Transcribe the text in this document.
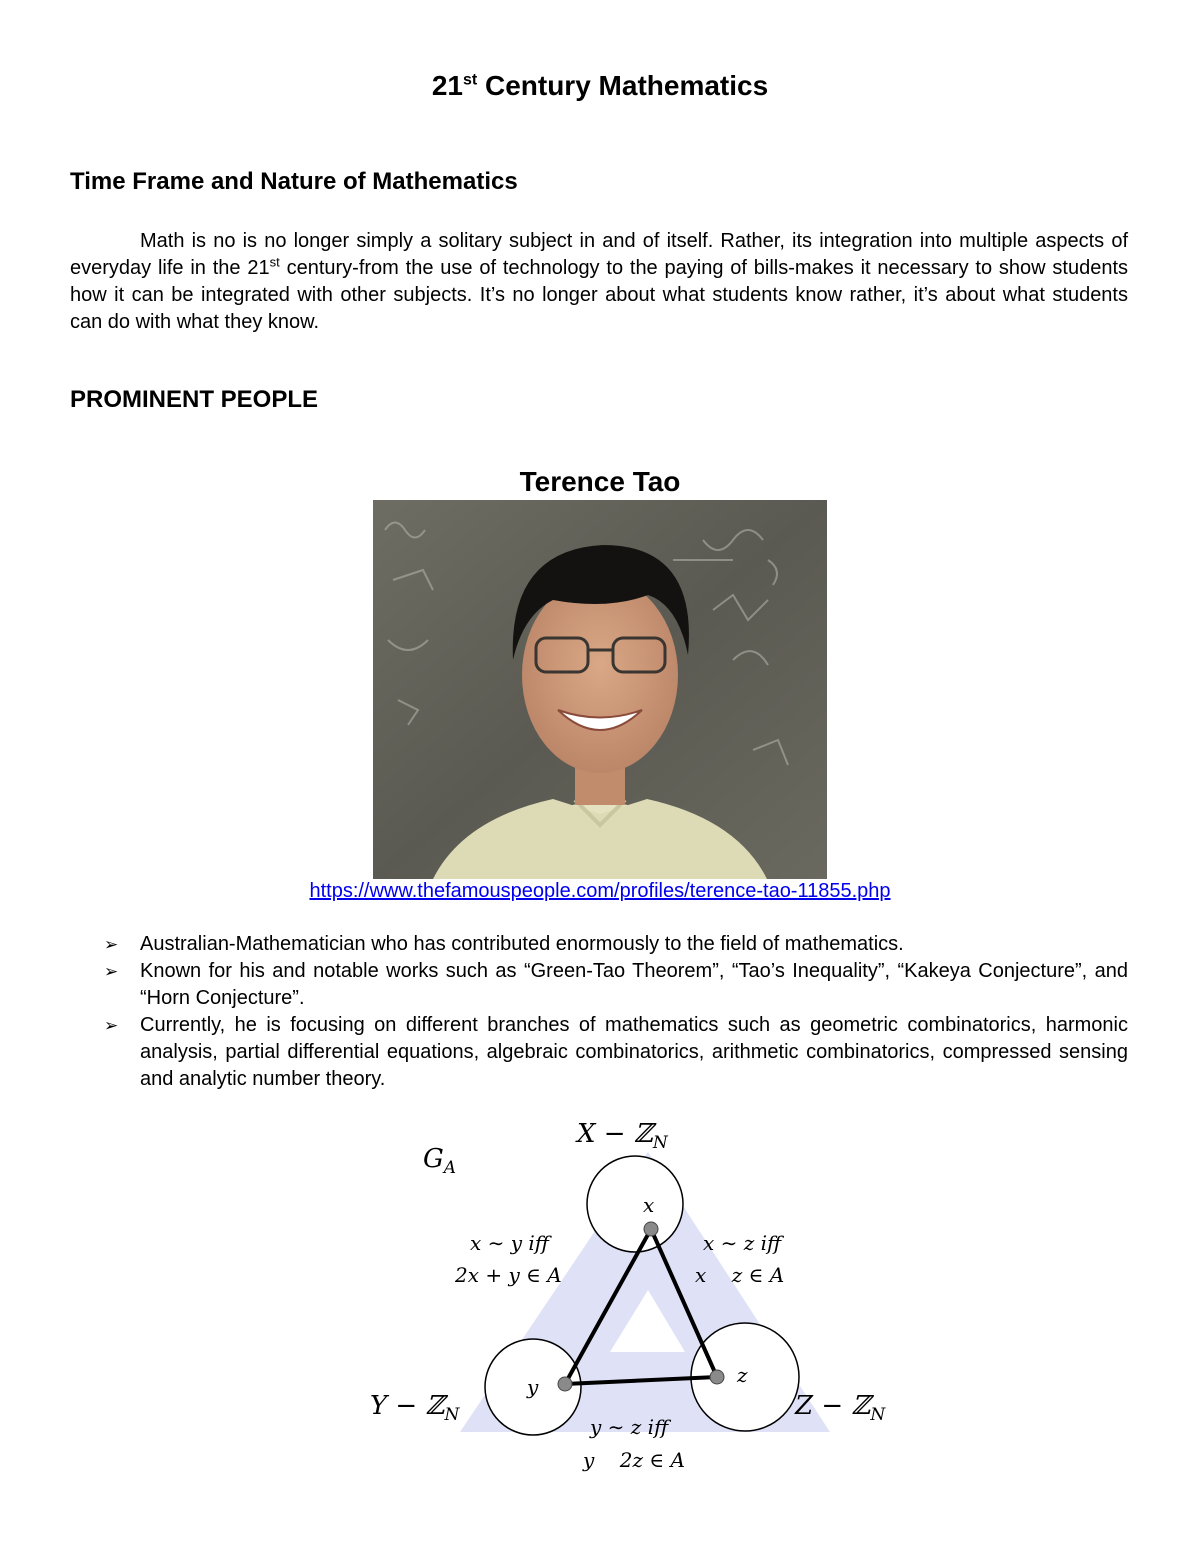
21st Century Mathematics
Time Frame and Nature of Mathematics

Math is no is no longer simply a solitary subject in and of itself. Rather, its integration into multiple aspects of everyday life in the 21st century-from the use of technology to the paying of bills-makes it necessary to show students how it can be integrated with other subjects. It’s no longer about what students know rather, it’s about what students can do with what they know.

PROMINENT PEOPLE
Terence Tao
https://www.thefamouspeople.com/profiles/terence-tao-11855.php
➢ Australian-Mathematician who has contributed enormously to the field of mathematics.
➢ Known for his and notable works such as “Green-Tao Theorem”, “Tao’s Inequality”, “Kakeya Conjecture”, and “Horn Conjecture”.
➢ Currently, he is focusing on different branches of mathematics such as geometric combinatorics, harmonic analysis, partial differential equations, algebraic combinatorics, arithmetic combinatorics, compressed sensing and analytic number theory.
$G_A$
X − ℤ$_N$
Y − ℤ$_N$	Z − ℤ$_N$
x
y	z
x ∼ y iff
2x + y ∈ A
x ∼ z iff
x    z ∈ A
y ∼ z iff
y    2z ∈ A
